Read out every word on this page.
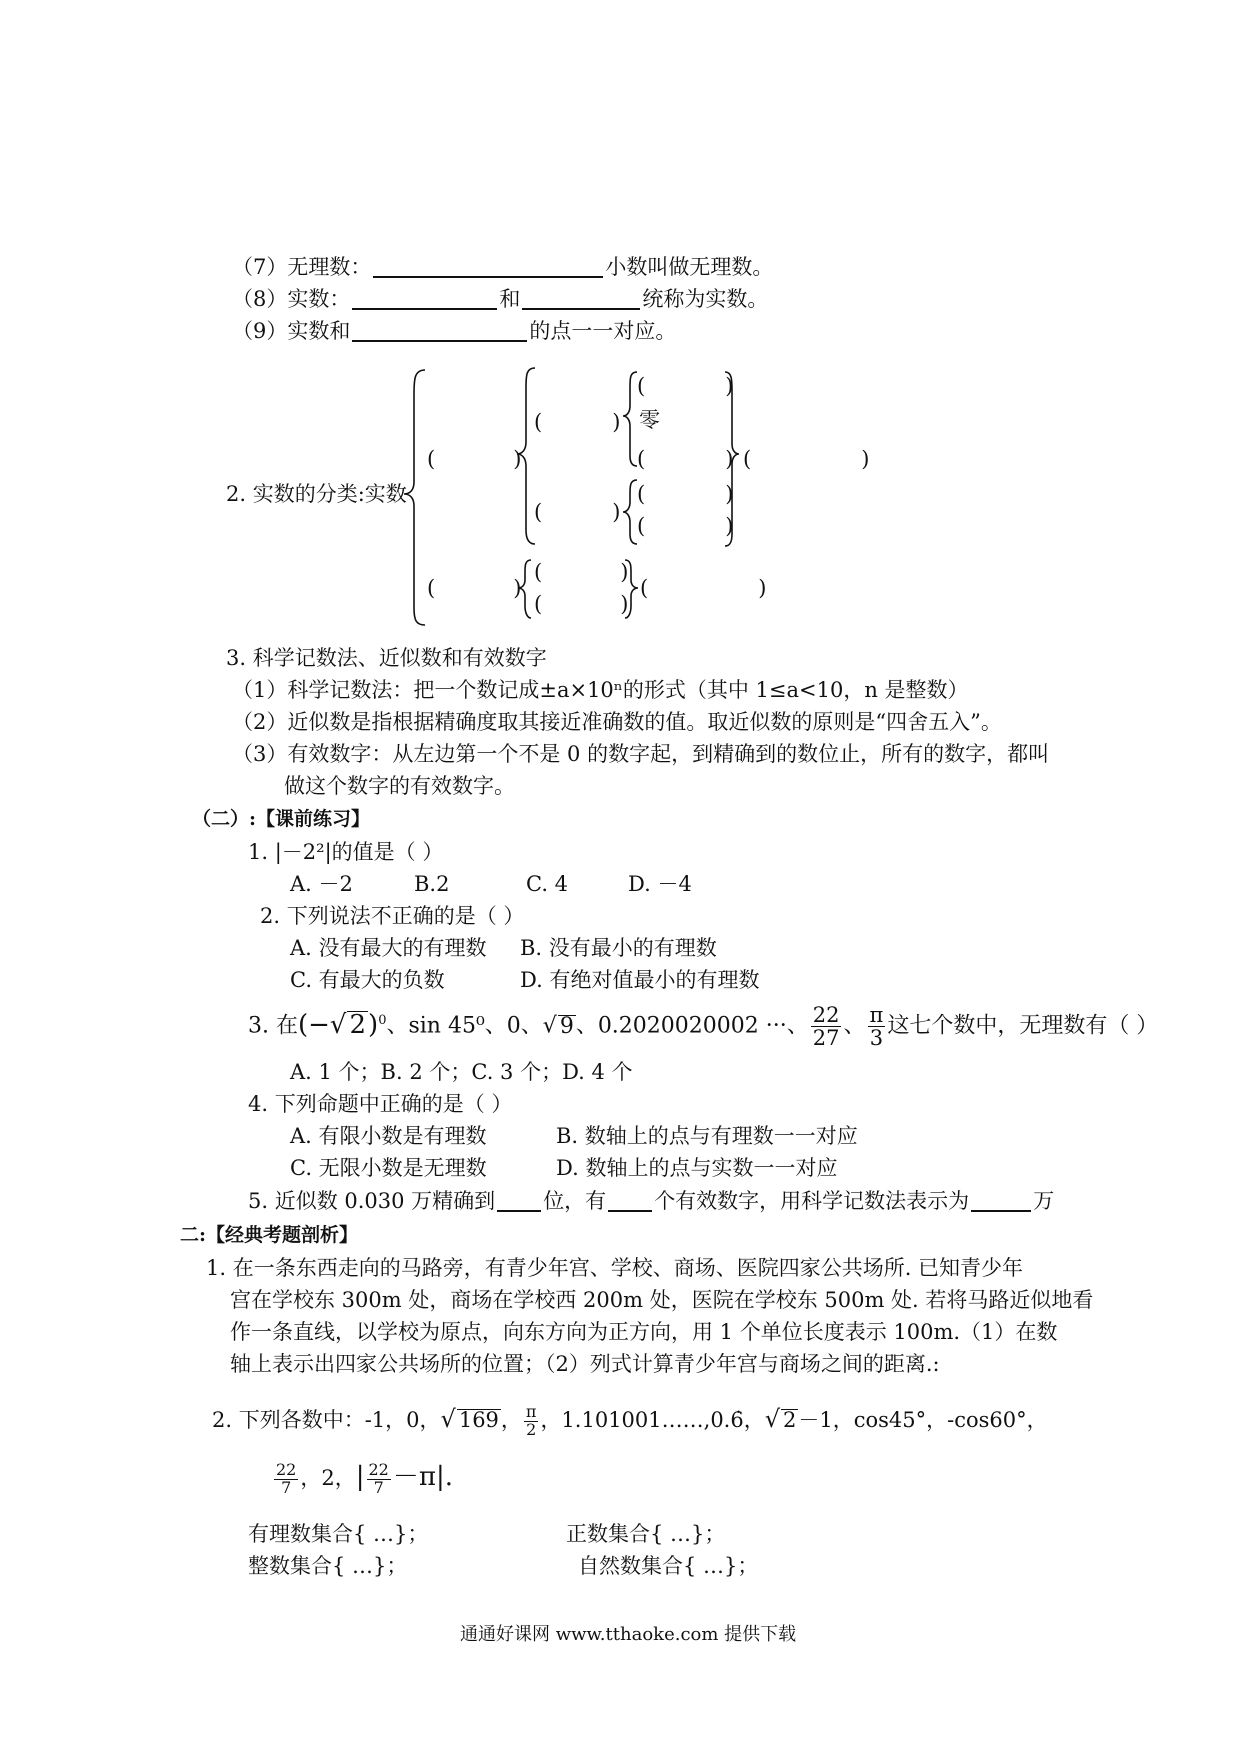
（7）无理数：	小数叫做无理数。
（8）实数：	和	统称为实数。
（9）实数和	的点一一对应。
2. 实数的分类:实数
(	)
(	)
(	)
零
(	) (	)
(	)
(	)
(	)
(	)
(	)
(	)
(	)
3. 科学记数法、近似数和有效数字
（1）科学记数法：把一个数记成±a×10ⁿ的形式（其中 1≤a<10，n 是整数）
（2）近似数是指根据精确度取其接近准确数的值。取近似数的原则是“四舍五入”。
（3）有效数字：从左边第一个不是 0 的数字起，到精确到的数位止，所有的数字，都叫
做这个数字的有效数字。
（二）:【课前练习】
1. |－2²|的值是（ ）
A. －2	B.2	C. 4	D. －4
2. 下列说法不正确的是（ ）
A. 没有最大的有理数 B. 没有最小的有理数
C. 有最大的负数	D. 有绝对值最小的有理数
3. 在(−√ 2)$^0$、sin 45⁰、0、√ 9、0.2020020002 ···、 $\frac{22}{27}$ 、 $\frac{\pi}{3}$ 这七个数中，无理数有（ ）
A. 1 个；B. 2 个；C. 3 个；D. 4 个
4. 下列命题中正确的是（ ）
A. 有限小数是有理数	B. 数轴上的点与有理数一一对应
C. 无限小数是无理数	D. 数轴上的点与实数一一对应
5. 近似数 0.030 万精确到 位，有 个有效数字，用科学记数法表示为	万
二:【经典考题剖析】
1. 在一条东西走向的马路旁，有青少年宫、学校、商场、医院四家公共场所. 已知青少年
宫在学校东 300m 处，商场在学校西 200m 处，医院在学校东 500m 处. 若将马路近似地看
作一条直线，以学校为原点，向东方向为正方向，用 1 个单位长度表示 100m.（1）在数
轴上表示出四家公共场所的位置；（2）列式计算青少年宫与商场之间的距离.:
2. 下列各数中：-1，0，√ 169， $\frac{\pi}{2}$ ，1.101001……,0.6̇，√ 2－1，cos45°，-cos60°，
$\frac{22}{7}$ ，2，| $\frac{22}{7} -\pi|$.
有理数集合{ …}；	正数集合{ …}；
整数集合{ …}；	自然数集合{ …}；
通通好课网 www.tthaoke.com 提供下载
